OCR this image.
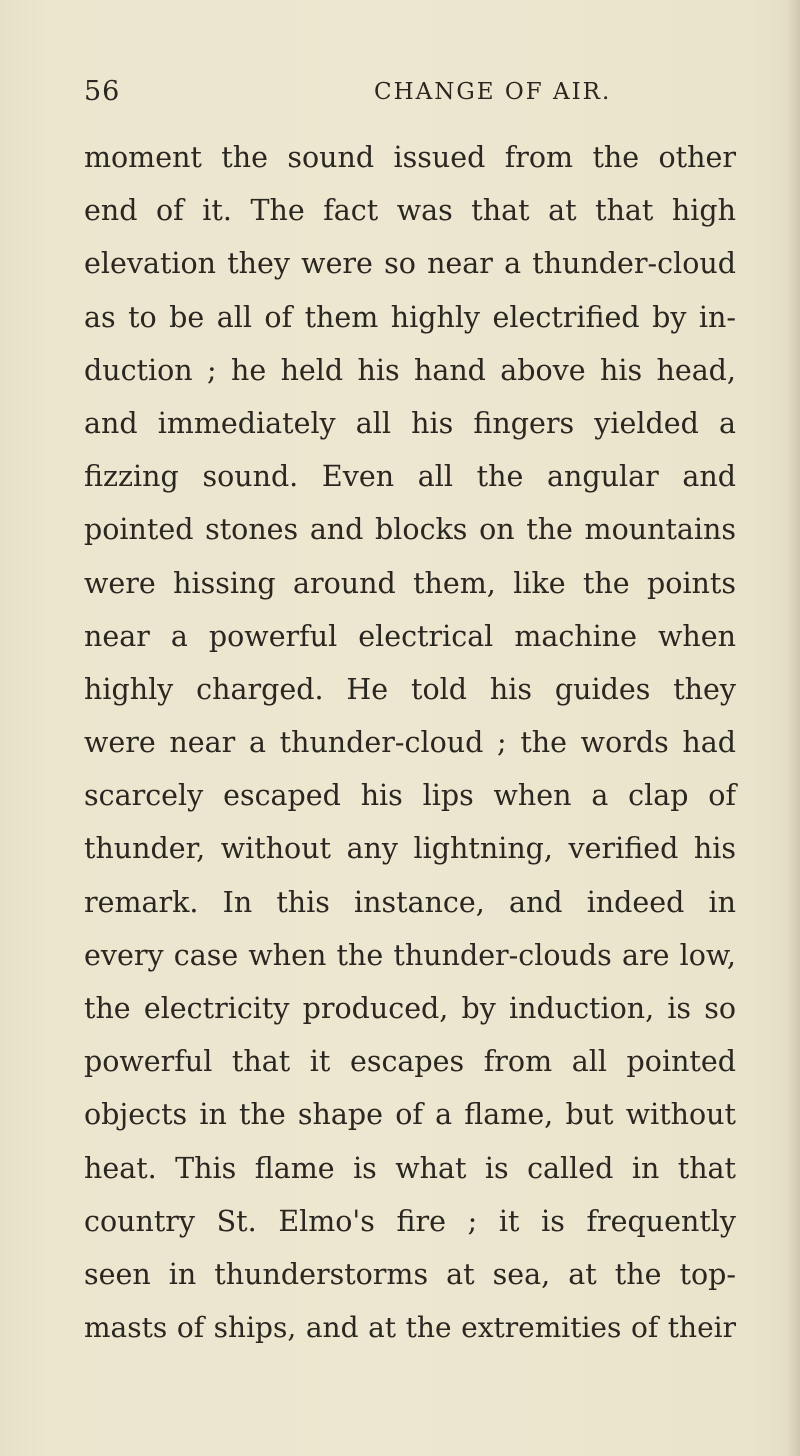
56	CHANGE OF AIR.
moment the sound issued from the other
end of it. The fact was that at that high
elevation they were so near a thunder-cloud
as to be all of them highly electrified by in-
duction ; he held his hand above his head,
and immediately all his fingers yielded a
fizzing sound. Even all the angular and
pointed stones and blocks on the mountains
were hissing around them, like the points
near a powerful electrical machine when
highly charged. He told his guides they
were near a thunder-cloud ; the words had
scarcely escaped his lips when a clap of
thunder, without any lightning, verified his
remark. In this instance, and indeed in
every case when the thunder-clouds are low,
the electricity produced, by induction, is so
powerful that it escapes from all pointed
objects in the shape of a flame, but without
heat. This flame is what is called in that
country St. Elmo's fire ; it is frequently
seen in thunderstorms at sea, at the top-
masts of ships, and at the extremities of their
